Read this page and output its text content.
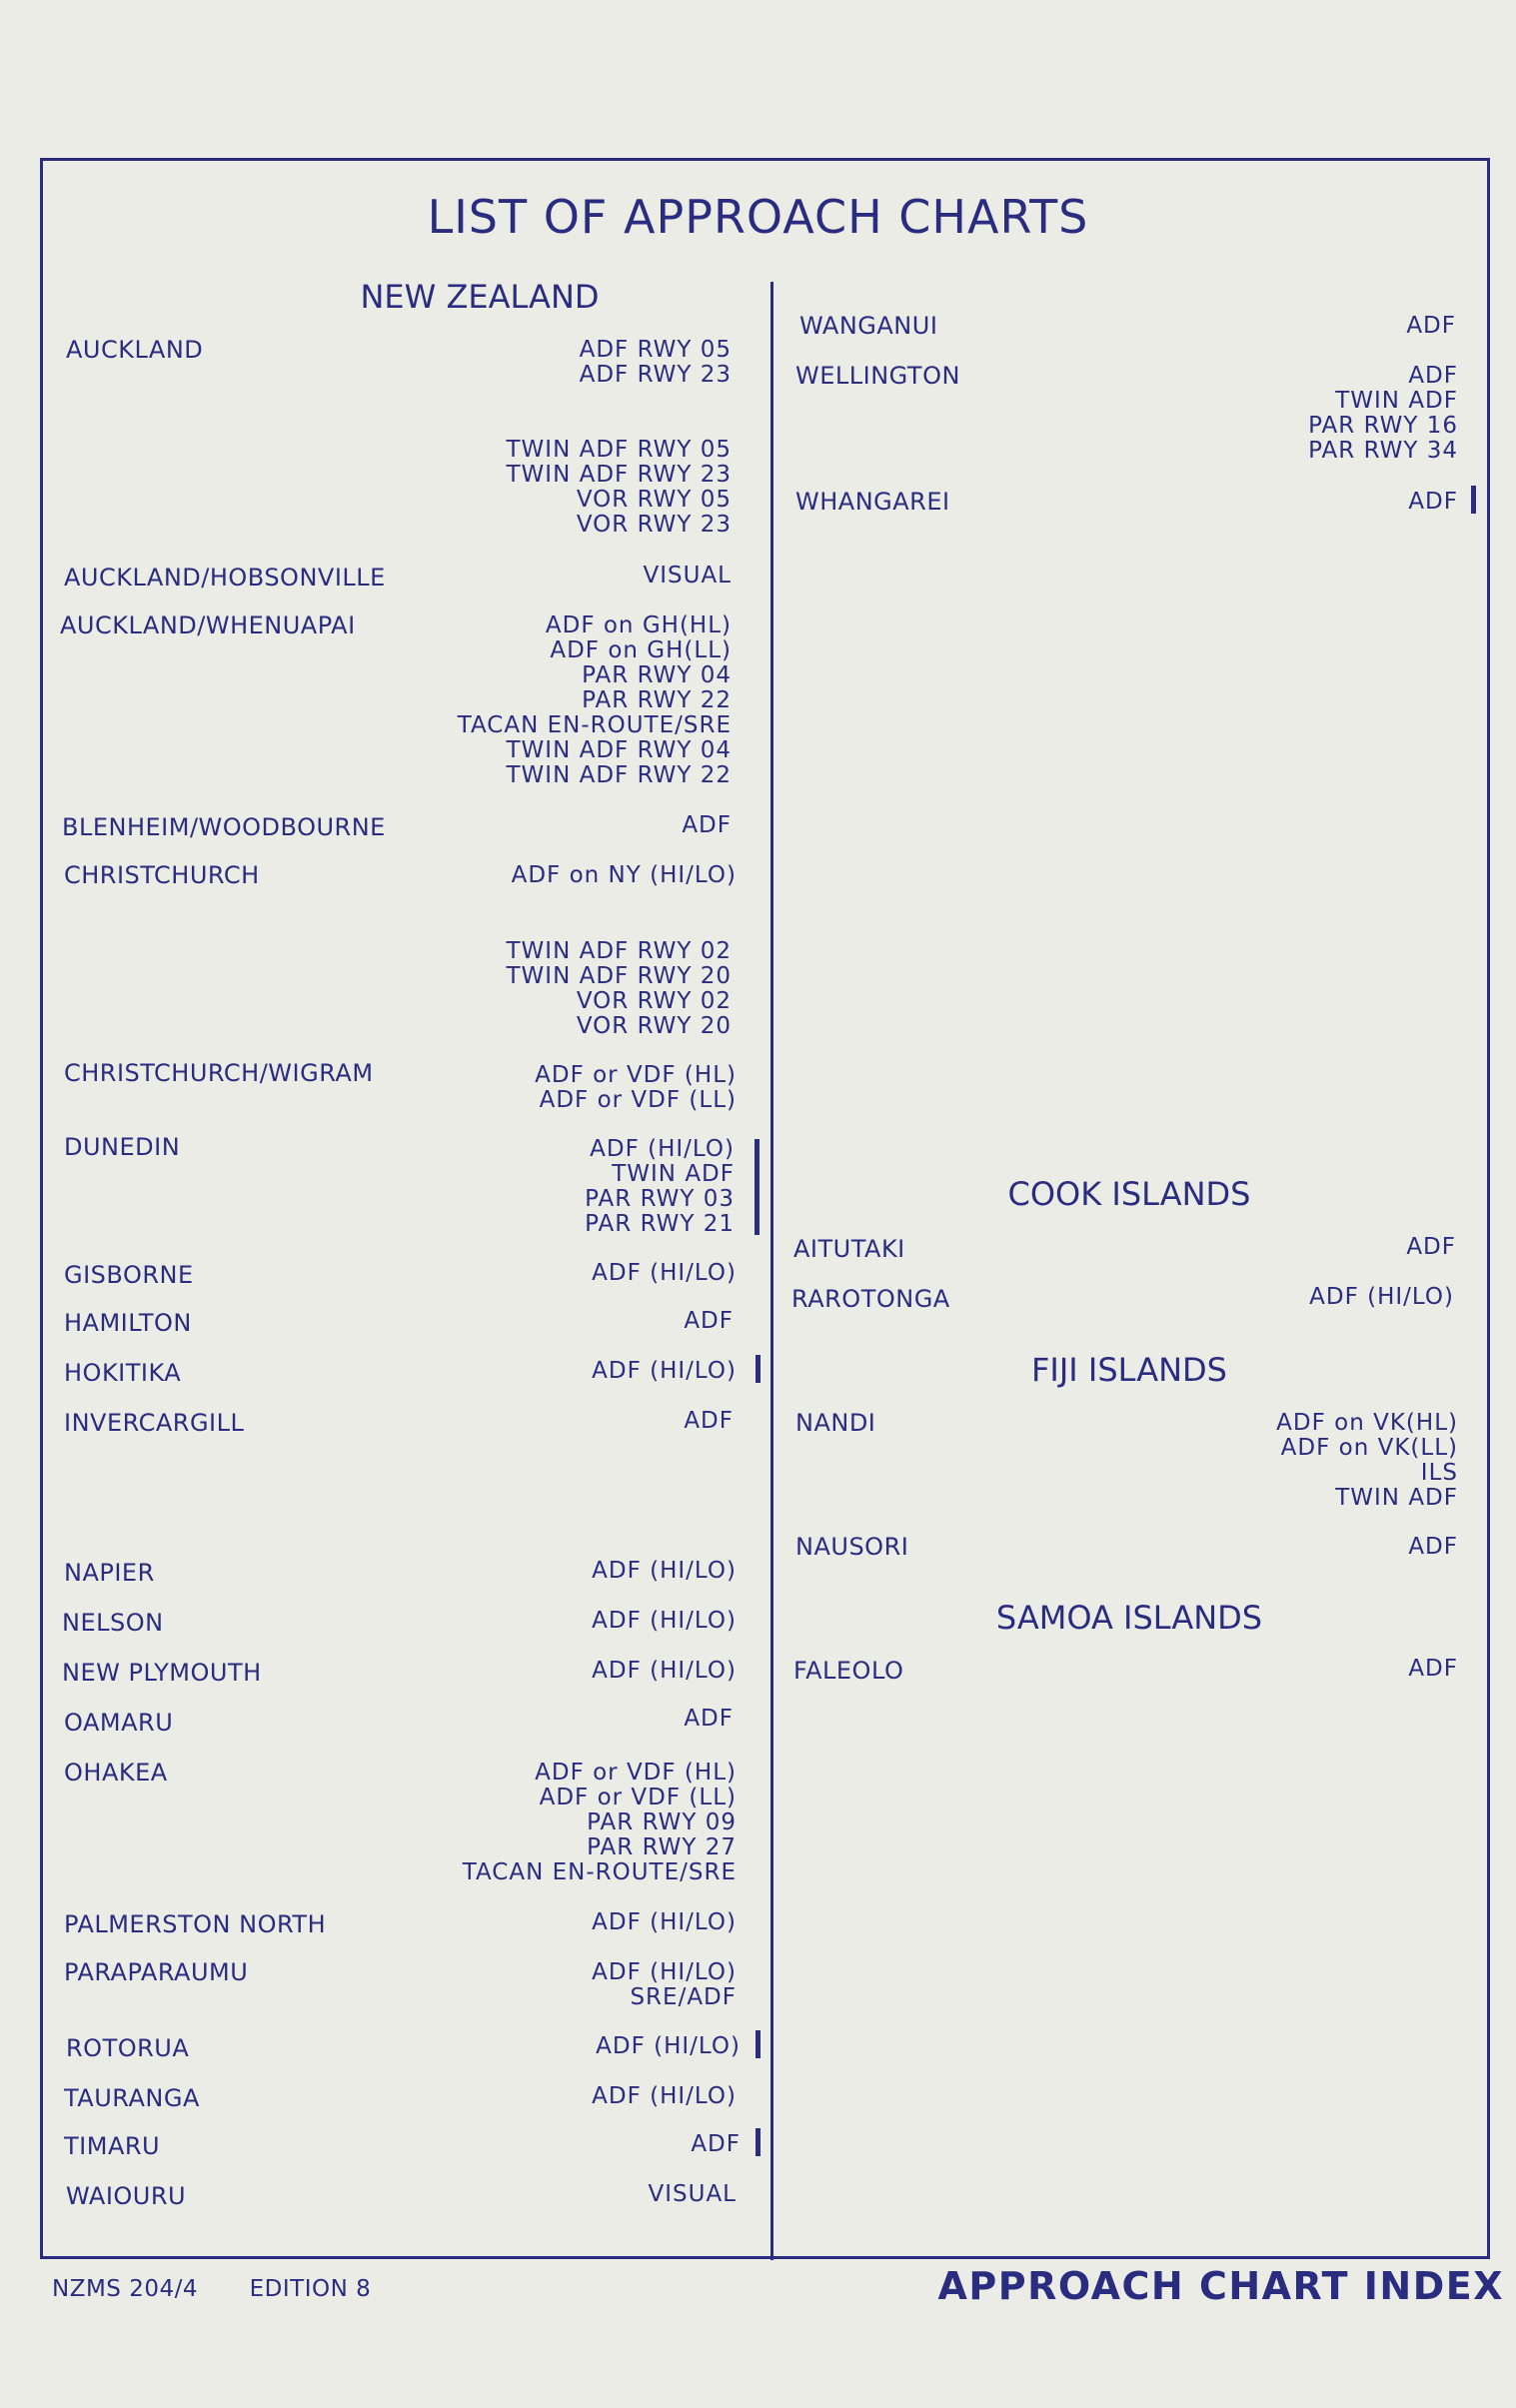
LIST OF APPROACH CHARTS
NEW ZEALAND
COOK ISLANDS
FIJI ISLANDS
SAMOA ISLANDS
AUCKLAND	ADF RWY 05
ADF RWY 23
TWIN ADF RWY 05
TWIN ADF RWY 23
VOR RWY 05
VOR RWY 23
AUCKLAND/HOBSONVILLE	VISUAL
AUCKLAND/WHENUAPAI	ADF on GH(HL)
ADF on GH(LL)
PAR RWY 04
PAR RWY 22
TACAN EN-ROUTE/SRE
TWIN ADF RWY 04
TWIN ADF RWY 22
BLENHEIM/WOODBOURNE	ADF
CHRISTCHURCH	ADF on NY (HI/LO)
TWIN ADF RWY 02
TWIN ADF RWY 20
VOR RWY 02
VOR RWY 20
CHRISTCHURCH/WIGRAM	ADF or VDF (HL)
ADF or VDF (LL)
DUNEDIN	ADF (HI/LO)
TWIN ADF
PAR RWY 03
PAR RWY 21
GISBORNE	ADF (HI/LO)
HAMILTON	ADF
HOKITIKA	ADF (HI/LO)
INVERCARGILL	ADF
NAPIER	ADF (HI/LO)
NELSON	ADF (HI/LO)
NEW PLYMOUTH	ADF (HI/LO)
OAMARU	ADF
OHAKEA	ADF or VDF (HL)
ADF or VDF (LL)
PAR RWY 09
PAR RWY 27
TACAN EN-ROUTE/SRE
PALMERSTON NORTH	ADF (HI/LO)
PARAPARAUMU	ADF (HI/LO)
SRE/ADF
ROTORUA	ADF (HI/LO)
TAURANGA	ADF (HI/LO)
TIMARU	ADF
WAIOURU	VISUAL
WANGANUI	ADF
WELLINGTON	ADF
TWIN ADF
PAR RWY 16
PAR RWY 34
WHANGAREI	ADF
AITUTAKI	ADF
RAROTONGA	ADF (HI/LO)
NANDI	ADF on VK(HL)
ADF on VK(LL)
ILS
TWIN ADF
NAUSORI	ADF
FALEOLO	ADF
NZMS 204/4 EDITION 8	APPROACH CHART INDEX
